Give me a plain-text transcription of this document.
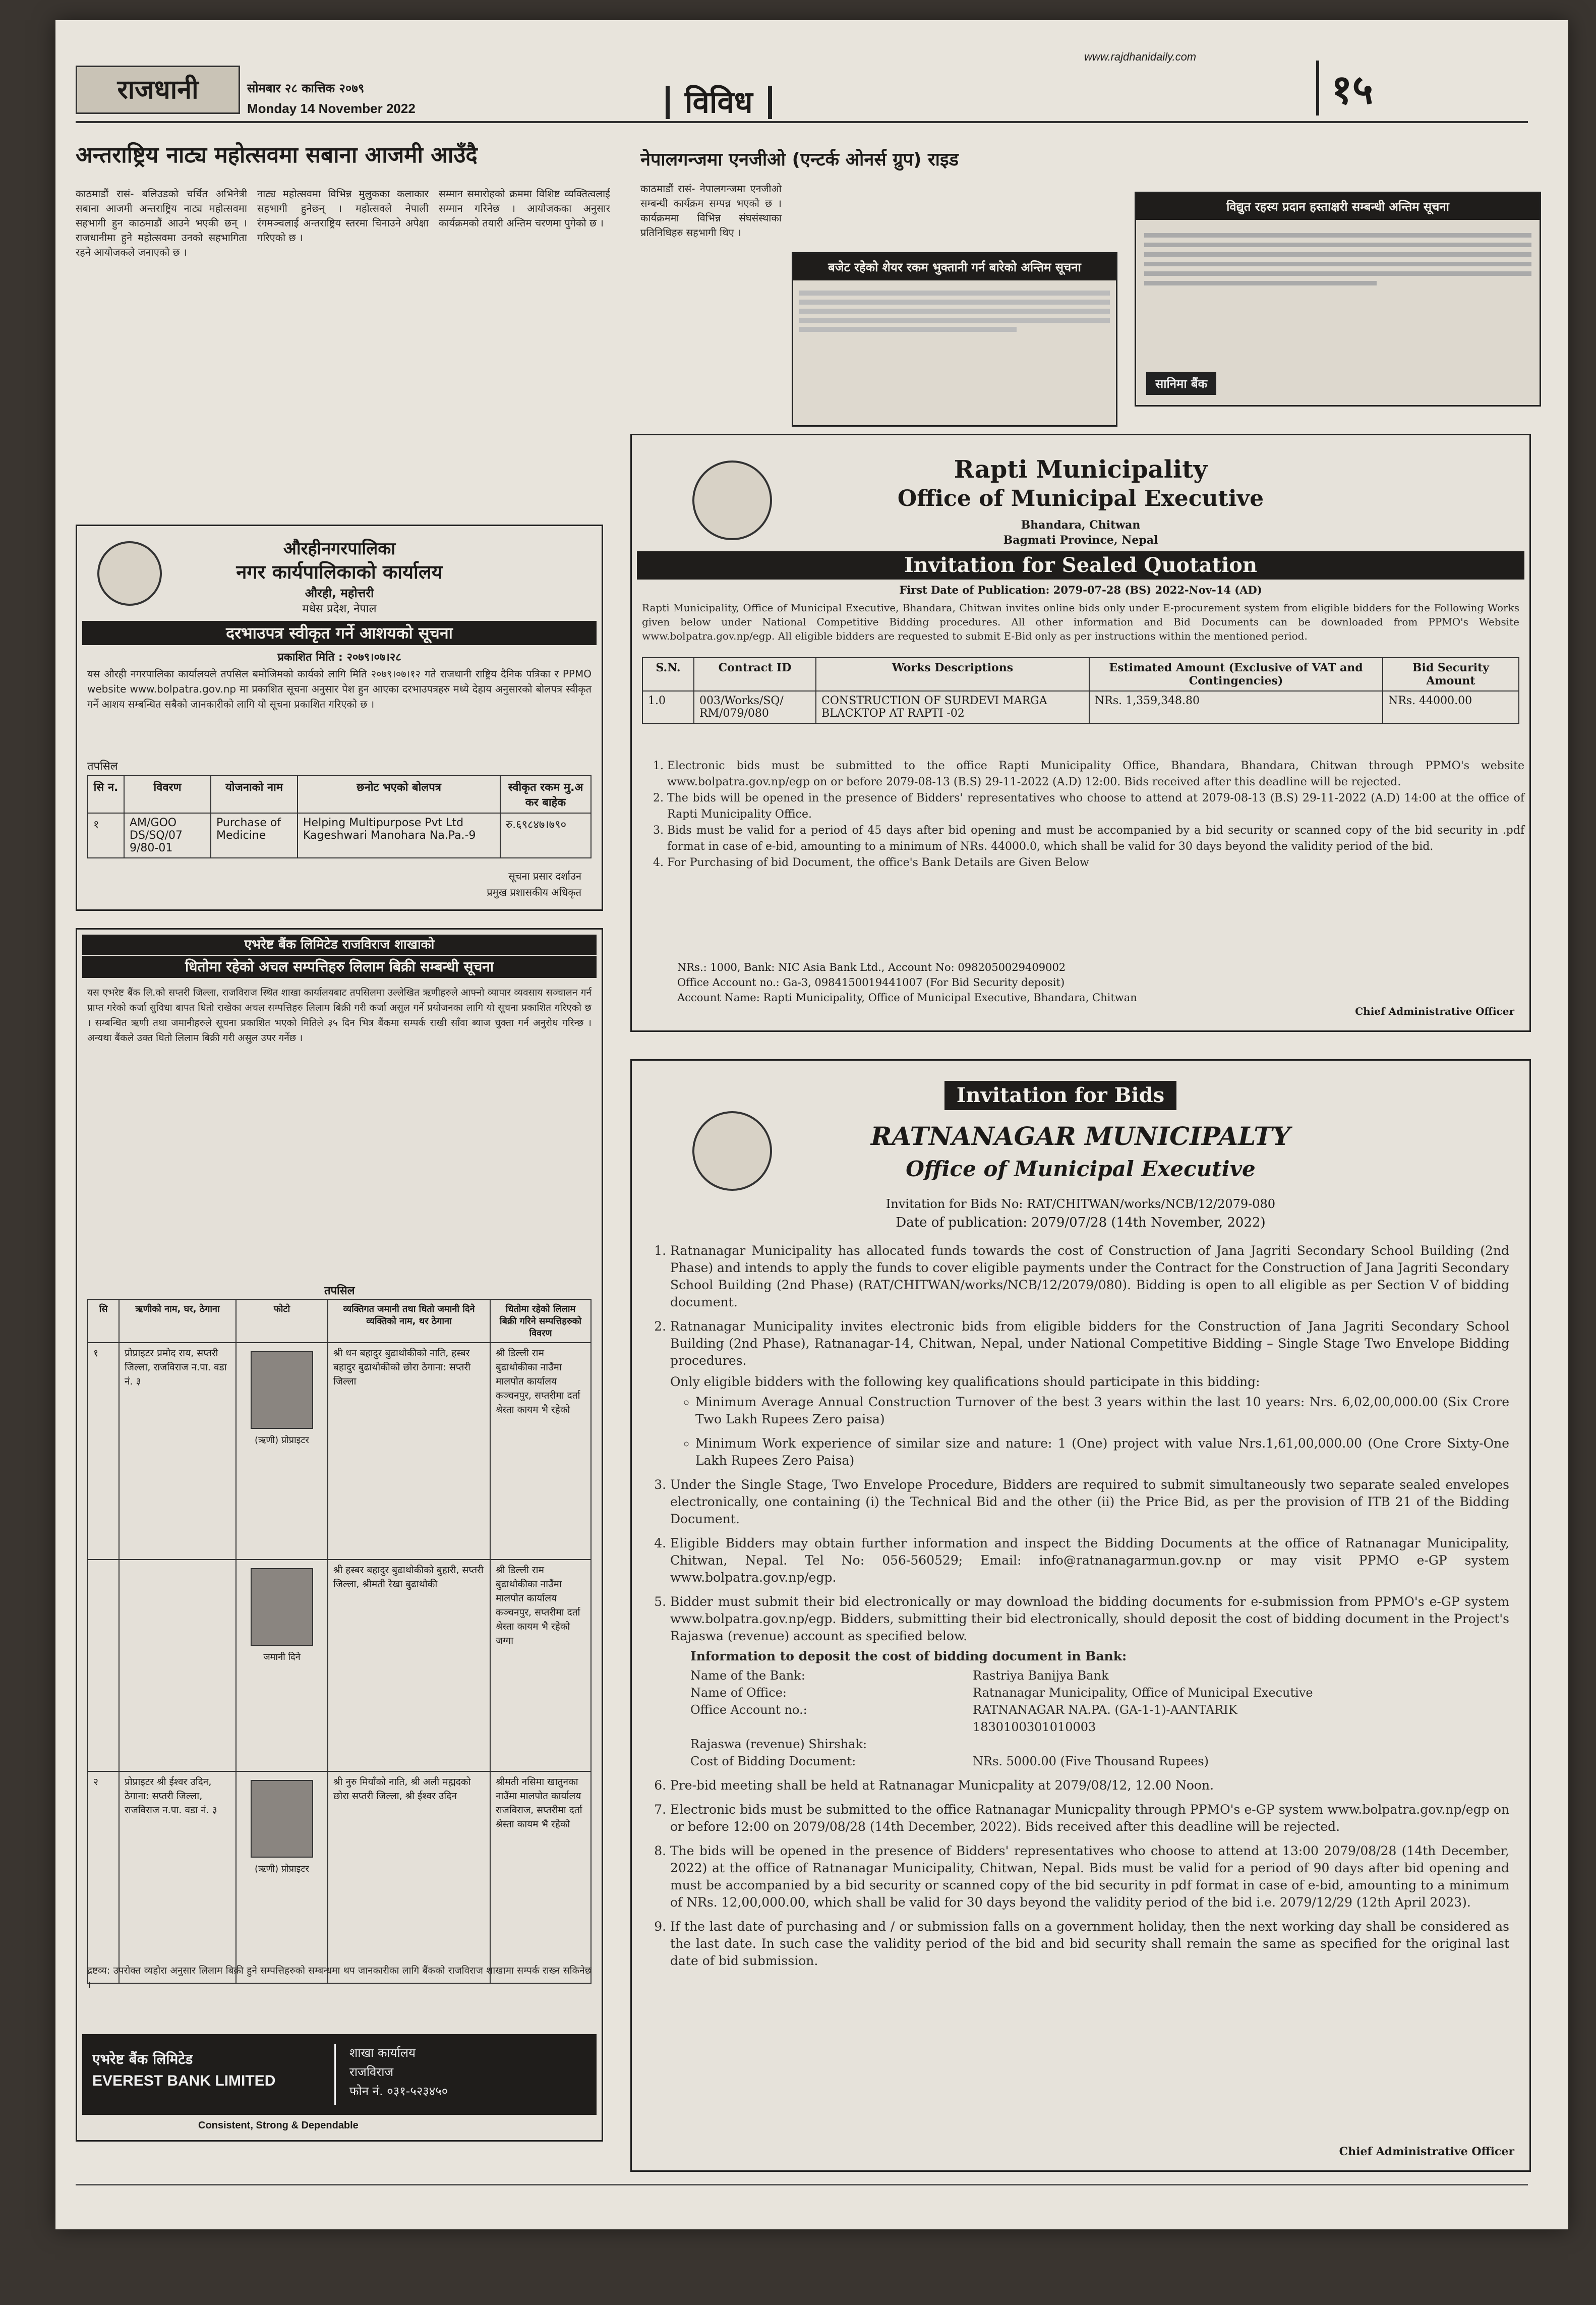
राजधानी	सोमबार २८ कात्तिक २०७९
Monday 14 November 2022	विविध
www.rajdhanidaily.com
१५
अन्तराष्ट्रिय नाट्य महोत्सवमा सबाना आजमी आउँदै
काठमाडौं रासं- बलिउडको चर्चित अभिनेत्री सबाना आजमी अन्तराष्ट्रिय नाट्य महोत्सवमा सहभागी हुन काठमाडौं आउने भएकी छन् । राजधानीमा हुने महोत्सवमा उनको सहभागिता रहने आयोजकले जनाएको छ ।
नाट्य महोत्सवमा विभिन्न मुलुकका कलाकार सहभागी हुनेछन् । महोत्सवले नेपाली रंगमञ्चलाई अन्तराष्ट्रिय स्तरमा चिनाउने अपेक्षा गरिएको छ ।
सम्मान समारोहको क्रममा विशिष्ट व्यक्तित्वलाई सम्मान गरिनेछ । आयोजकका अनुसार कार्यक्रमको तयारी अन्तिम चरणमा पुगेको छ ।
नेपालगन्जमा एनजीओ (एन्टर्क ओनर्स ग्रुप) राइड
काठमाडौं रासं- नेपालगन्जमा एनजीओ सम्बन्धी कार्यक्रम सम्पन्न भएको छ । कार्यक्रममा विभिन्न संघसंस्थाका प्रतिनिधिहरु सहभागी थिए ।
बजेट रहेको शेयर रकम भुक्तानी गर्न बारेको अन्तिम सूचना
विद्युत रहस्य प्रदान हस्ताक्षरी सम्बन्धी अन्तिम सूचना
सानिमा बैंक
Rapti Municipality
Office of Municipal Executive
Bhandara, Chitwan
Bagmati Province, Nepal
Invitation for Sealed Quotation
First Date of Publication: 2079-07-28 (BS) 2022-Nov-14 (AD)
Rapti Municipality, Office of Municipal Executive, Bhandara, Chitwan invites online bids only under E-procurement system from eligible bidders for the Following Works given below under National Competitive Bidding procedures. All other information and Bid Documents can be downloaded from PPMO's Website www.bolpatra.gov.np/egp. All eligible bidders are requested to submit E-Bid only as per instructions within the mentioned period.
S.N.	Contract ID	Works Descriptions	Estimated Amount (Exclusive of VAT and Contingencies)	Bid Security Amount
1.0	003/Works/SQ/ RM/079/080	CONSTRUCTION OF SURDEVI MARGA BLACKTOP AT RAPTI -02	NRs. 1,359,348.80	NRs. 44000.00
1. Electronic bids must be submitted to the office Rapti Municipality Office, Bhandara, Bhandara, Chitwan through PPMO's website www.bolpatra.gov.np/egp on or before 2079-08-13 (B.S) 29-11-2022 (A.D) 12:00. Bids received after this deadline will be rejected.
2. The bids will be opened in the presence of Bidders' representatives who choose to attend at 2079-08-13 (B.S) 29-11-2022 (A.D) 14:00 at the office of Rapti Municipality Office.
3. Bids must be valid for a period of 45 days after bid opening and must be accompanied by a bid security or scanned copy of the bid security in .pdf format in case of e-bid, amounting to a minimum of NRs. 44000.0, which shall be valid for 30 days beyond the validity period of the bid.
4. For Purchasing of bid Document, the office's Bank Details are Given Below
NRs.: 1000, Bank: NIC Asia Bank Ltd., Account No: 0982050029409002
Office Account no.: Ga-3, 0984150019441007 (For Bid Security deposit)
Account Name: Rapti Municipality, Office of Municipal Executive, Bhandara, Chitwan
Chief Administrative Officer
औरहीनगरपालिका
नगर कार्यपालिकाको कार्यालय
औरही, महोत्तरी
मधेस प्रदेश, नेपाल
दरभाउपत्र स्वीकृत गर्ने आशयको सूचना
प्रकाशित मिति : २०७९।०७।२८
यस औरही नगरपालिका कार्यालयले तपसिल बमोजिमको कार्यको लागि मिति २०७९।०७।१२ गते राजधानी राष्ट्रिय दैनिक पत्रिका र PPMO website www.bolpatra.gov.np मा प्रकाशित सूचना अनुसार पेश हुन आएका दरभाउपत्रहरु मध्ये देहाय अनुसारको बोलपत्र स्वीकृत गर्ने आशय सम्बन्धित सबैको जानकारीको लागि यो सूचना प्रकाशित गरिएको छ ।
तपसिल
सि न.	विवरण	योजनाको नाम	छनोट भएको बोलपत्र	स्वीकृत रकम मु.अ कर बाहेक
१	AM/GOO DS/SQ/07 9/80-01	Purchase of Medicine	Helping Multipurpose Pvt Ltd Kageshwari Manohara Na.Pa.-9	रु.६९८४७।७९०
सूचना प्रसार दर्शाउन
प्रमुख प्रशासकीय अधिकृत
एभरेष्ट बैंक लिमिटेड राजविराज शाखाको
धितोमा रहेको अचल सम्पत्तिहरु लिलाम बिक्री सम्बन्धी सूचना
यस एभरेष्ट बैंक लि.को सप्तरी जिल्ला, राजविराज स्थित शाखा कार्यालयबाट तपसिलमा उल्लेखित ऋणीहरुले आफ्नो व्यापार व्यवसाय सञ्चालन गर्न प्राप्त गरेको कर्जा सुविधा बापत धितो राखेका अचल सम्पत्तिहरु लिलाम बिक्री गरी कर्जा असुल गर्ने प्रयोजनका लागि यो सूचना प्रकाशित गरिएको छ । सम्बन्धित ऋणी तथा जमानीहरुले सूचना प्रकाशित भएको मितिले ३५ दिन भित्र बैंकमा सम्पर्क राखी साँवा ब्याज चुक्ता गर्न अनुरोध गरिन्छ । अन्यथा बैंकले उक्त धितो लिलाम बिक्री गरी असुल उपर गर्नेछ ।
तपसिल
सि	ऋणीको नाम, घर, ठेगाना	फोटो	व्यक्तिगत जमानी तथा धितो जमानी दिने व्यक्तिको नाम, थर ठेगाना	धितोमा रहेको लिलाम बिक्री गरिने सम्पत्तिहरुको विवरण
१	प्रोप्राइटर प्रमोद राय, सप्तरी जिल्ला, राजविराज न.पा. वडा नं. ३	(ऋणी) प्रोप्राइटर	श्री धन बहादुर बुढाथोकीको नाति, हस्बर बहादुर बुढाथोकीको छोरा ठेगाना: सप्तरी जिल्ला	श्री डिल्ली राम बुढाथोकीका नाउँमा मालपोत कार्यालय कञ्चनपुर, सप्तरीमा दर्ता श्रेस्ता कायम भै रहेको

		जमानी दिने	श्री हस्बर बहादुर बुढाथोकीको बुहारी, सप्तरी जिल्ला, श्रीमती रेखा बुढाथोकी	श्री डिल्ली राम बुढाथोकीका नाउँमा मालपोत कार्यालय कञ्चनपुर, सप्तरीमा दर्ता श्रेस्ता कायम भै रहेको जग्गा
२	प्रोप्राइटर श्री ईश्वर उदिन, ठेगाना: सप्तरी जिल्ला, राजविराज न.पा. वडा नं. ३	(ऋणी) प्रोप्राइटर	श्री नुरु मियाँको नाति, श्री अली मह्मदको छोरा सप्तरी जिल्ला, श्री ईश्वर उदिन	श्रीमती नसिमा खातुनका नाउँमा मालपोत कार्यालय राजविराज, सप्तरीमा दर्ता श्रेस्ता कायम भै रहेको
द्रष्टव्य: उपरोक्त व्यहोरा अनुसार लिलाम बिक्री हुने सम्पत्तिहरुको सम्बन्धमा थप जानकारीका लागि बैंकको राजविराज शाखामा सम्पर्क राख्न सकिनेछ ।
एभरेष्ट बैंक लिमिटेड
EVEREST BANK LIMITED
शाखा कार्यालय
राजविराज
फोन नं. ०३१-५२३४५०
Consistent, Strong & Dependable
Invitation for Bids
RATNANAGAR MUNICIPALTY
Office of Municipal Executive
Invitation for Bids No: RAT/CHITWAN/works/NCB/12/2079-080
Date of publication: 2079/07/28 (14th November, 2022)
1. Ratnanagar Municipality has allocated funds towards the cost of Construction of Jana Jagriti Secondary School Building (2nd Phase) and intends to apply the funds to cover eligible payments under the Contract for the Construction of Jana Jagriti Secondary School Building (2nd Phase) (RAT/CHITWAN/works/NCB/12/2079/080). Bidding is open to all eligible as per Section V of bidding document.
2. Ratnanagar Municipality invites electronic bids from eligible bidders for the Construction of Jana Jagriti Secondary School Building (2nd Phase), Ratnanagar-14, Chitwan, Nepal, under National Competitive Bidding – Single Stage Two Envelope Bidding procedures.
Only eligible bidders with the following key qualifications should participate in this bidding:
◦ Minimum Average Annual Construction Turnover of the best 3 years within the last 10 years: Nrs. 6,02,00,000.00 (Six Crore Two Lakh Rupees Zero paisa)
◦ Minimum Work experience of similar size and nature: 1 (One) project with value Nrs.1,61,00,000.00 (One Crore Sixty-One Lakh Rupees Zero Paisa)
3. Under the Single Stage, Two Envelope Procedure, Bidders are required to submit simultaneously two separate sealed envelopes electronically, one containing (i) the Technical Bid and the other (ii) the Price Bid, as per the provision of ITB 21 of the Bidding Document.
4. Eligible Bidders may obtain further information and inspect the Bidding Documents at the office of Ratnanagar Municipality, Chitwan, Nepal. Tel No: 056-560529; Email: info@ratnanagarmun.gov.np or may visit PPMO e-GP system www.bolpatra.gov.np/egp.
5. Bidder must submit their bid electronically or may download the bidding documents for e-submission from PPMO's e-GP system www.bolpatra.gov.np/egp. Bidders, submitting their bid electronically, should deposit the cost of bidding document in the Project's Rajaswa (revenue) account as specified below.
Information to deposit the cost of bidding document in Bank:
Name of the Bank:	Rastriya Banijya Bank
Name of Office:	Ratnanagar Municipality, Office of Municipal Executive
Office Account no.:	RATNANAGAR NA.PA. (GA-1-1)-AANTARIK
	1830100301010003
Rajaswa (revenue) Shirshak:	
Cost of Bidding Document:	NRs. 5000.00 (Five Thousand Rupees)
6. Pre-bid meeting shall be held at Ratnanagar Municpality at 2079/08/12, 12.00 Noon.
7. Electronic bids must be submitted to the office Ratnanagar Municpality through PPMO's e-GP system www.bolpatra.gov.np/egp on or before 12:00 on 2079/08/28 (14th December, 2022). Bids received after this deadline will be rejected.
8. The bids will be opened in the presence of Bidders' representatives who choose to attend at 13:00 2079/08/28 (14th December, 2022) at the office of Ratnanagar Municipality, Chitwan, Nepal. Bids must be valid for a period of 90 days after bid opening and must be accompanied by a bid security or scanned copy of the bid security in pdf format in case of e-bid, amounting to a minimum of NRs. 12,00,000.00, which shall be valid for 30 days beyond the validity period of the bid i.e. 2079/12/29 (12th April 2023).
9. If the last date of purchasing and / or submission falls on a government holiday, then the next working day shall be considered as the last date. In such case the validity period of the bid and bid security shall remain the same as specified for the original last date of bid submission.
Chief Administrative Officer
